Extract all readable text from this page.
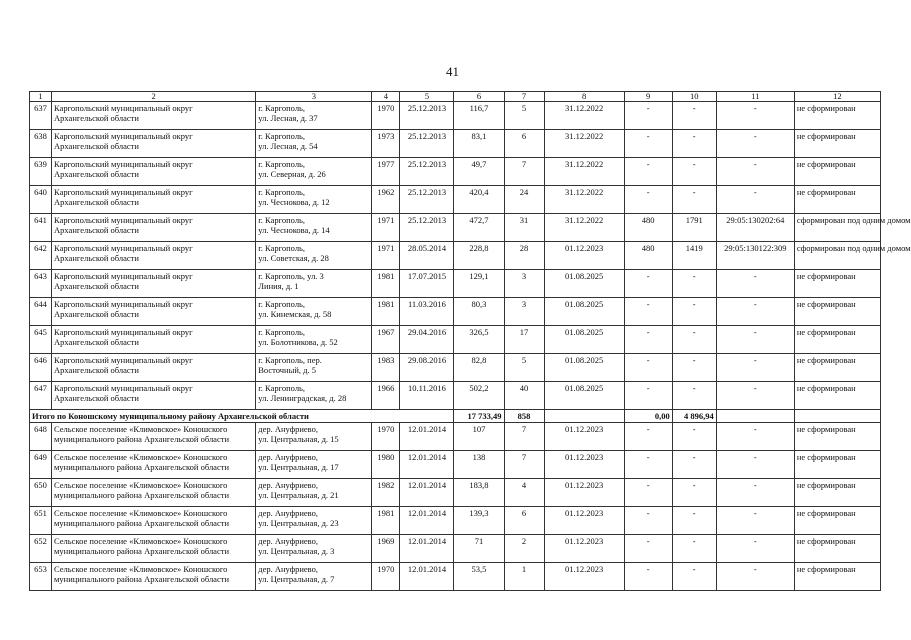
41
1	2	3	4	5	6	7	8	9	10	11	12
637	Каргопольский муниципальный округ
Архангельской области	г. Каргополь,
ул. Лесная, д. 37	1970	25.12.2013	116,7	5	31.12.2022	-	-	-	не сформирован
638	Каргопольский муниципальный округ
Архангельской области	г. Каргополь,
ул. Лесная, д. 54	1973	25.12.2013	83,1	6	31.12.2022	-	-	-	не сформирован
639	Каргопольский муниципальный округ
Архангельской области	г. Каргополь,
ул. Северная, д. 26	1977	25.12.2013	49,7	7	31.12.2022	-	-	-	не сформирован
640	Каргопольский муниципальный округ
Архангельской области	г. Каргополь,
ул. Чеснокова, д. 12	1962	25.12.2013	420,4	24	31.12.2022	-	-	-	не сформирован
641	Каргопольский муниципальный округ
Архангельской области	г. Каргополь,
ул. Чеснокова, д. 14	1971	25.12.2013	472,7	31	31.12.2022	480	1791	29:05:130202:64	сформирован под одним домом
642	Каргопольский муниципальный округ
Архангельской области	г. Каргополь,
ул. Советская, д. 28	1971	28.05.2014	228,8	28	01.12.2023	480	1419	29:05:130122:309	сформирован под одним домом
643	Каргопольский муниципальный округ
Архангельской области	г. Каргополь, ул. 3
Линия, д. 1	1981	17.07.2015	129,1	3	01.08.2025	-	-	-	не сформирован
644	Каргопольский муниципальный округ
Архангельской области	г. Каргополь,
ул. Кинемская, д. 58	1981	11.03.2016	80,3	3	01.08.2025	-	-	-	не сформирован
645	Каргопольский муниципальный округ
Архангельской области	г. Каргополь,
ул. Болотникова, д. 52	1967	29.04.2016	326,5	17	01.08.2025	-	-	-	не сформирован
646	Каргопольский муниципальный округ
Архангельской области	г. Каргополь, пер.
Восточный, д. 5	1983	29.08.2016	82,8	5	01.08.2025	-	-	-	не сформирован
647	Каргопольский муниципальный округ
Архангельской области	г. Каргополь,
ул. Ленинградская, д. 28	1966	10.11.2016	502,2	40	01.08.2025	-	-	-	не сформирован
Итого по Коношскому муниципальному району Архангельской области					17 733,49	858		0,00	4 896,94		
648	Сельское поселение «Климовское» Коношского
муниципального района Архангельской области	дер. Ануфриево,
ул. Центральная, д. 15	1970	12.01.2014	107	7	01.12.2023	-	-	-	не сформирован
649	Сельское поселение «Климовское» Коношского
муниципального района Архангельской области	дер. Ануфриево,
ул. Центральная, д. 17	1980	12.01.2014	138	7	01.12.2023	-	-	-	не сформирован
650	Сельское поселение «Климовское» Коношского
муниципального района Архангельской области	дер. Ануфриево,
ул. Центральная, д. 21	1982	12.01.2014	183,8	4	01.12.2023	-	-	-	не сформирован
651	Сельское поселение «Климовское» Коношского
муниципального района Архангельской области	дер. Ануфриево,
ул. Центральная, д. 23	1981	12.01.2014	139,3	6	01.12.2023	-	-	-	не сформирован
652	Сельское поселение «Климовское» Коношского
муниципального района Архангельской области	дер. Ануфриево,
ул. Центральная, д. 3	1969	12.01.2014	71	2	01.12.2023	-	-	-	не сформирован
653	Сельское поселение «Климовское» Коношского
муниципального района Архангельской области	дер. Ануфриево,
ул. Центральная, д. 7	1970	12.01.2014	53,5	1	01.12.2023	-	-	-	не сформирован
